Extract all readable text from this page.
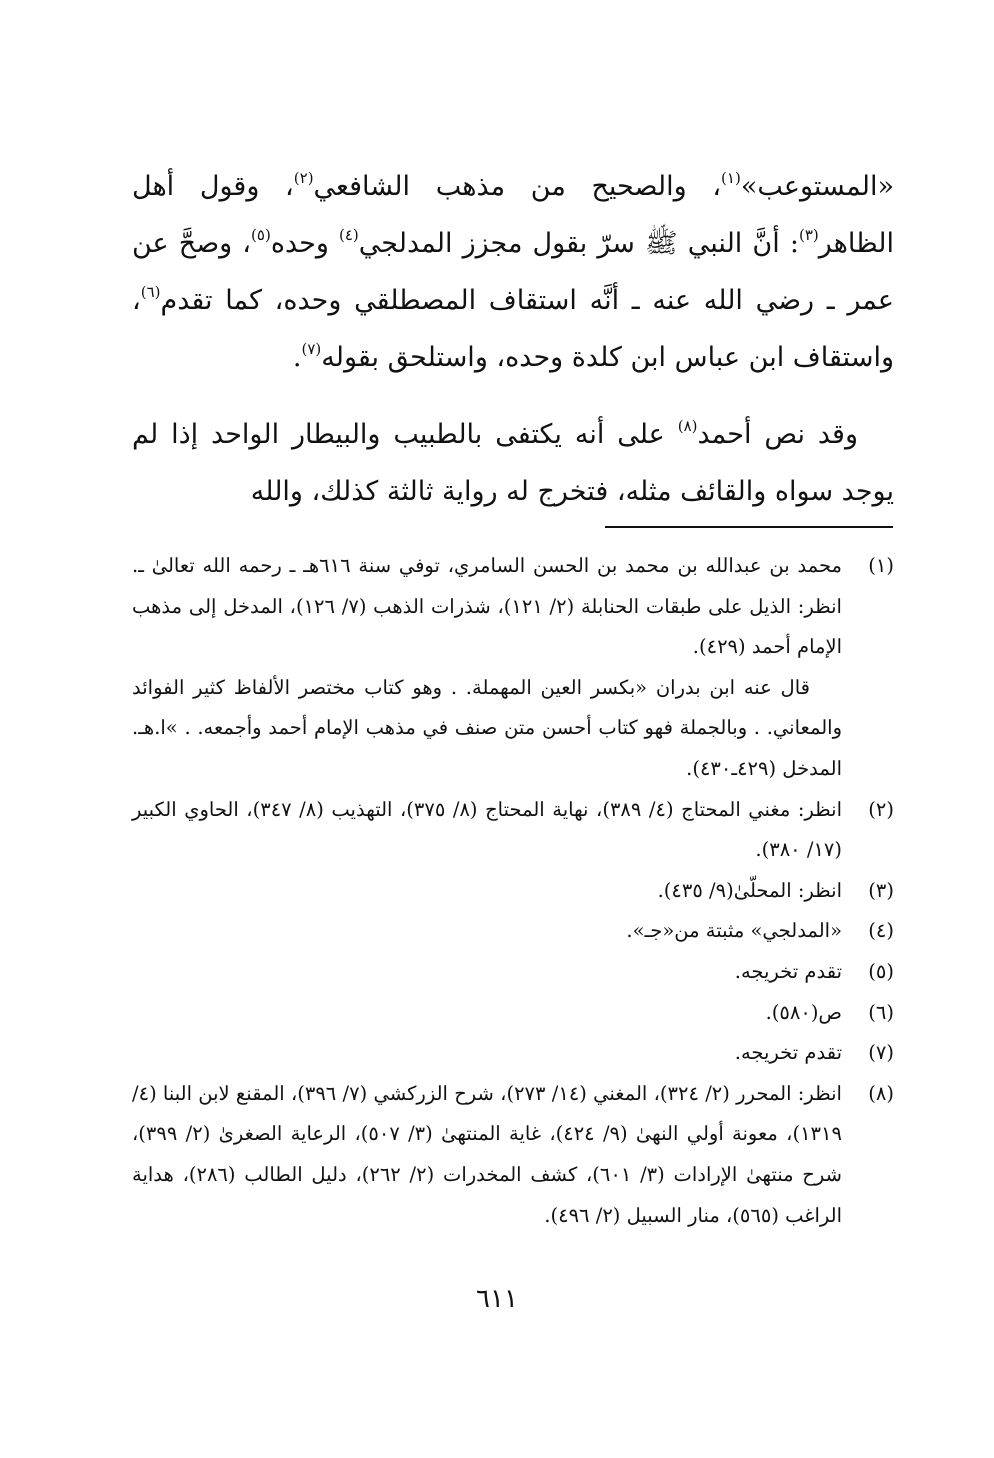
«المستوعب»$^{(١)}$، والصحيح من مذهب الشافعي$^{(٢)}$، وقول أهل الظاهر$^{(٣)}$: أنَّ النبي ﷺ سرّ بقول مجزز المدلجي$^{(٤)}$ وحده$^{(٥)}$، وصحَّ عن عمر ـ رضي الله عنه ـ أنَّه استقاف المصطلقي وحده، كما تقدم$^{(٦)}$، واستقاف ابن عباس ابن كلدة وحده، واستلحق بقوله$^{(٧)}$.

وقد نص أحمد$^{(٨)}$ على أنه يكتفى بالطبيب والبيطار الواحد إذا لم يوجد سواه والقائف مثله، فتخرج له رواية ثالثة كذلك، والله

(١)
محمد بن عبدالله بن محمد بن الحسن السامري، توفي سنة ٦١٦هـ ـ رحمه الله تعالىٰ ـ. انظر: الذيل على طبقات الحنابلة (٢/ ١٢١)، شذرات الذهب (٧/ ١٢٦)، المدخل إلى مذهب الإمام أحمد (٤٢٩).
قال عنه ابن بدران «بكسر العين المهملة. . وهو كتاب مختصر الألفاظ كثير الفوائد والمعاني. . وبالجملة فهو كتاب أحسن متن صنف في مذهب الإمام أحمد وأجمعه. . »ا.هـ. المدخل (٤٢٩ـ٤٣٠).
(٢)
انظر: مغني المحتاج (٤/ ٣٨٩)، نهاية المحتاج (٨/ ٣٧٥)، التهذيب (٨/ ٣٤٧)، الحاوي الكبير (١٧/ ٣٨٠).
(٣)
انظر: المحلّىٰ(٩/ ٤٣٥).
(٤)
«المدلجي» مثبتة من«جـ».
(٥)
تقدم تخريجه.
(٦)
ص(٥٨٠).
(٧)
تقدم تخريجه.
(٨)
انظر: المحرر (٢/ ٣٢٤)، المغني (١٤/ ٢٧٣)، شرح الزركشي (٧/ ٣٩٦)، المقنع لابن البنا (٤/ ١٣١٩)، معونة أولي النهىٰ (٩/ ٤٢٤)، غاية المنتهىٰ (٣/ ٥٠٧)، الرعاية الصغرىٰ (٢/ ٣٩٩)، شرح منتهىٰ الإرادات (٣/ ٦٠١)، كشف المخدرات (٢/ ٢٦٢)، دليل الطالب (٢٨٦)، هداية الراغب (٥٦٥)، منار السبيل (٢/ ٤٩٦).
٦١١
